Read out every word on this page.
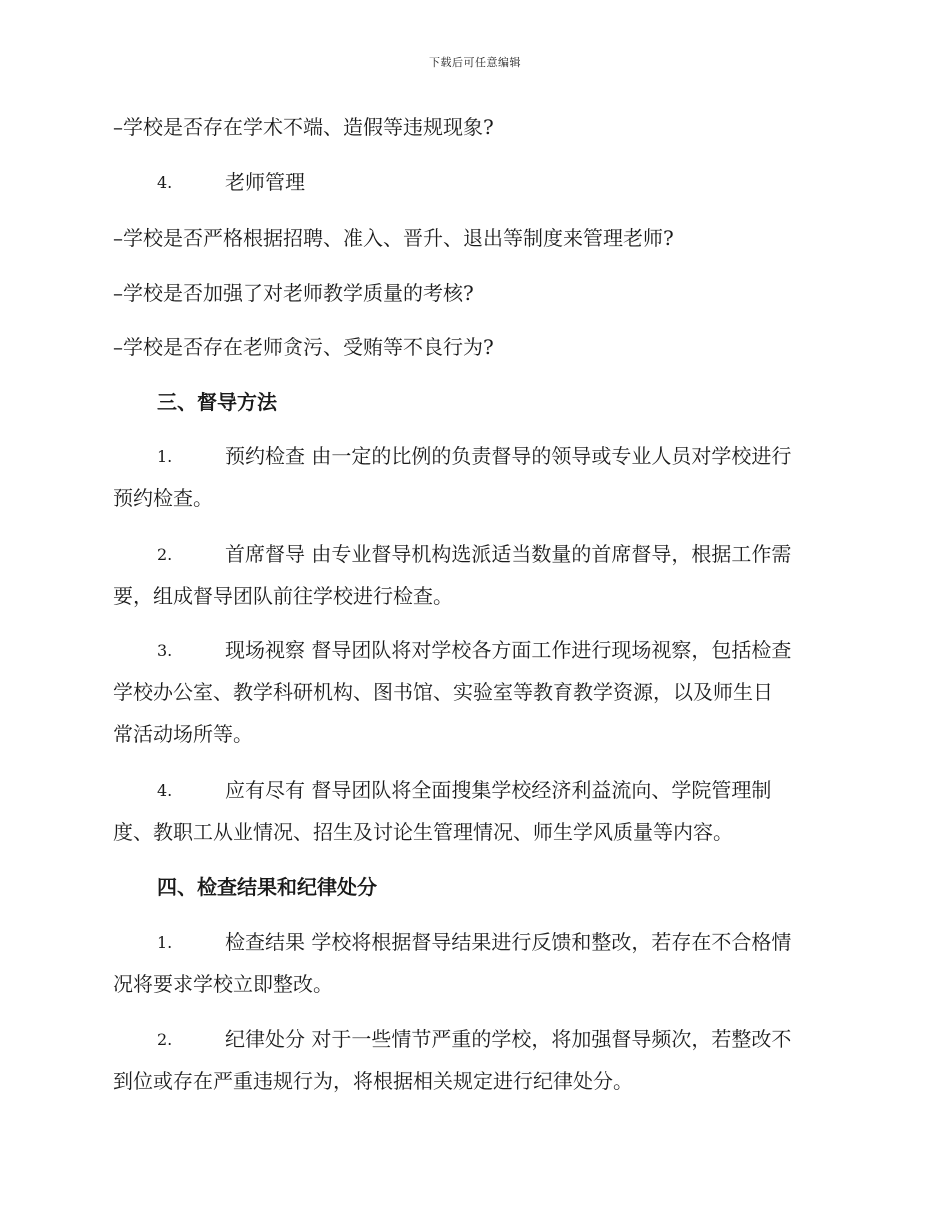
下载后可任意编辑
–学校是否存在学术不端、造假等违规现象?
4.	老师管理
–学校是否严格根据招聘、准入、晋升、退出等制度来管理老师?
–学校是否加强了对老师教学质量的考核?
–学校是否存在老师贪污、受贿等不良行为?
三、督导方法
1.	预约检查 由一定的比例的负责督导的领导或专业人员对学校进行
预约检查。
2.	首席督导 由专业督导机构选派适当数量的首席督导，根据工作需
要，组成督导团队前往学校进行检查。
3.	现场视察 督导团队将对学校各方面工作进行现场视察，包括检查
学校办公室、教学科研机构、图书馆、实验室等教育教学资源，以及师生日
常活动场所等。
4.	应有尽有 督导团队将全面搜集学校经济利益流向、学院管理制
度、教职工从业情况、招生及讨论生管理情况、师生学风质量等内容。
四、检查结果和纪律处分
1.	检查结果 学校将根据督导结果进行反馈和整改，若存在不合格情
况将要求学校立即整改。
2.	纪律处分 对于一些情节严重的学校，将加强督导频次，若整改不
到位或存在严重违规行为，将根据相关规定进行纪律处分。
